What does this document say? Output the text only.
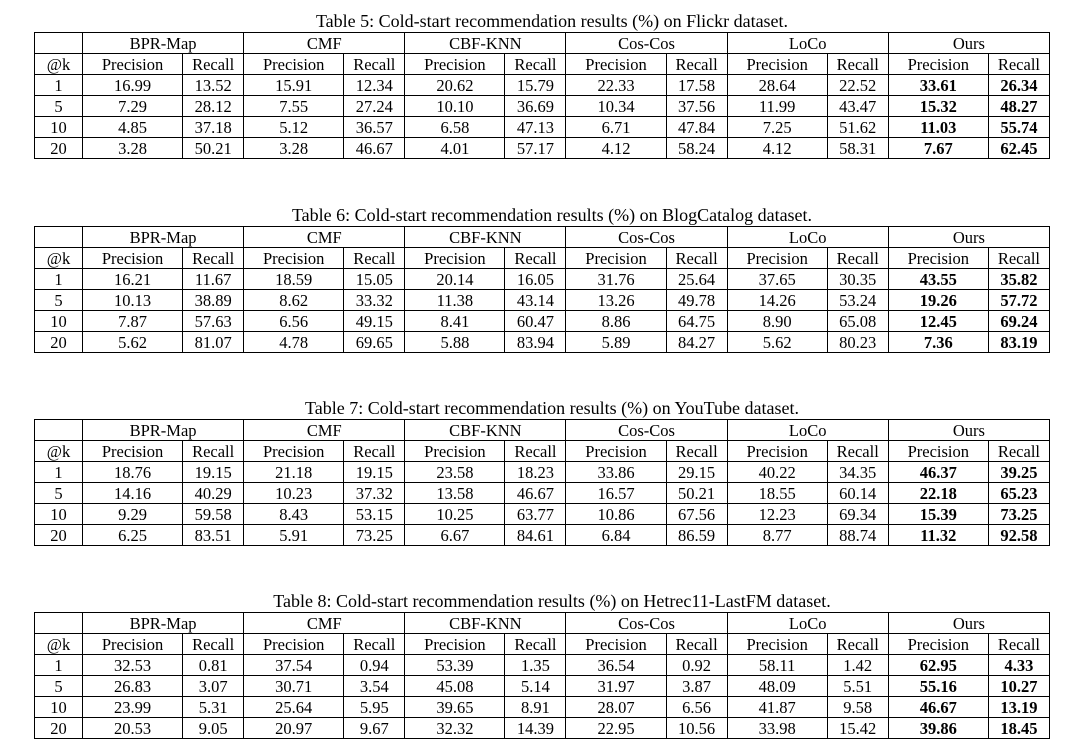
Table 5: Cold-start recommendation results (%) on Flickr dataset.
	BPR-Map		CMF		CBF-KNN		Cos-Cos		LoCo		Ours	
@k	Precision	Recall	Precision	Recall	Precision	Recall	Precision	Recall	Precision	Recall	Precision	Recall
1	16.99	13.52	15.91	12.34	20.62	15.79	22.33	17.58	28.64	22.52	33.61	26.34
5	7.29	28.12	7.55	27.24	10.10	36.69	10.34	37.56	11.99	43.47	15.32	48.27
10	4.85	37.18	5.12	36.57	6.58	47.13	6.71	47.84	7.25	51.62	11.03	55.74
20	3.28	50.21	3.28	46.67	4.01	57.17	4.12	58.24	4.12	58.31	7.67	62.45
Table 6: Cold-start recommendation results (%) on BlogCatalog dataset.
	BPR-Map		CMF		CBF-KNN		Cos-Cos		LoCo		Ours	
@k	Precision	Recall	Precision	Recall	Precision	Recall	Precision	Recall	Precision	Recall	Precision	Recall
1	16.21	11.67	18.59	15.05	20.14	16.05	31.76	25.64	37.65	30.35	43.55	35.82
5	10.13	38.89	8.62	33.32	11.38	43.14	13.26	49.78	14.26	53.24	19.26	57.72
10	7.87	57.63	6.56	49.15	8.41	60.47	8.86	64.75	8.90	65.08	12.45	69.24
20	5.62	81.07	4.78	69.65	5.88	83.94	5.89	84.27	5.62	80.23	7.36	83.19
Table 7: Cold-start recommendation results (%) on YouTube dataset.
	BPR-Map		CMF		CBF-KNN		Cos-Cos		LoCo		Ours	
@k	Precision	Recall	Precision	Recall	Precision	Recall	Precision	Recall	Precision	Recall	Precision	Recall
1	18.76	19.15	21.18	19.15	23.58	18.23	33.86	29.15	40.22	34.35	46.37	39.25
5	14.16	40.29	10.23	37.32	13.58	46.67	16.57	50.21	18.55	60.14	22.18	65.23
10	9.29	59.58	8.43	53.15	10.25	63.77	10.86	67.56	12.23	69.34	15.39	73.25
20	6.25	83.51	5.91	73.25	6.67	84.61	6.84	86.59	8.77	88.74	11.32	92.58
Table 8: Cold-start recommendation results (%) on Hetrec11-LastFM dataset.
	BPR-Map		CMF		CBF-KNN		Cos-Cos		LoCo		Ours	
@k	Precision	Recall	Precision	Recall	Precision	Recall	Precision	Recall	Precision	Recall	Precision	Recall
1	32.53	0.81	37.54	0.94	53.39	1.35	36.54	0.92	58.11	1.42	62.95	4.33
5	26.83	3.07	30.71	3.54	45.08	5.14	31.97	3.87	48.09	5.51	55.16	10.27
10	23.99	5.31	25.64	5.95	39.65	8.91	28.07	6.56	41.87	9.58	46.67	13.19
20	20.53	9.05	20.97	9.67	32.32	14.39	22.95	10.56	33.98	15.42	39.86	18.45
